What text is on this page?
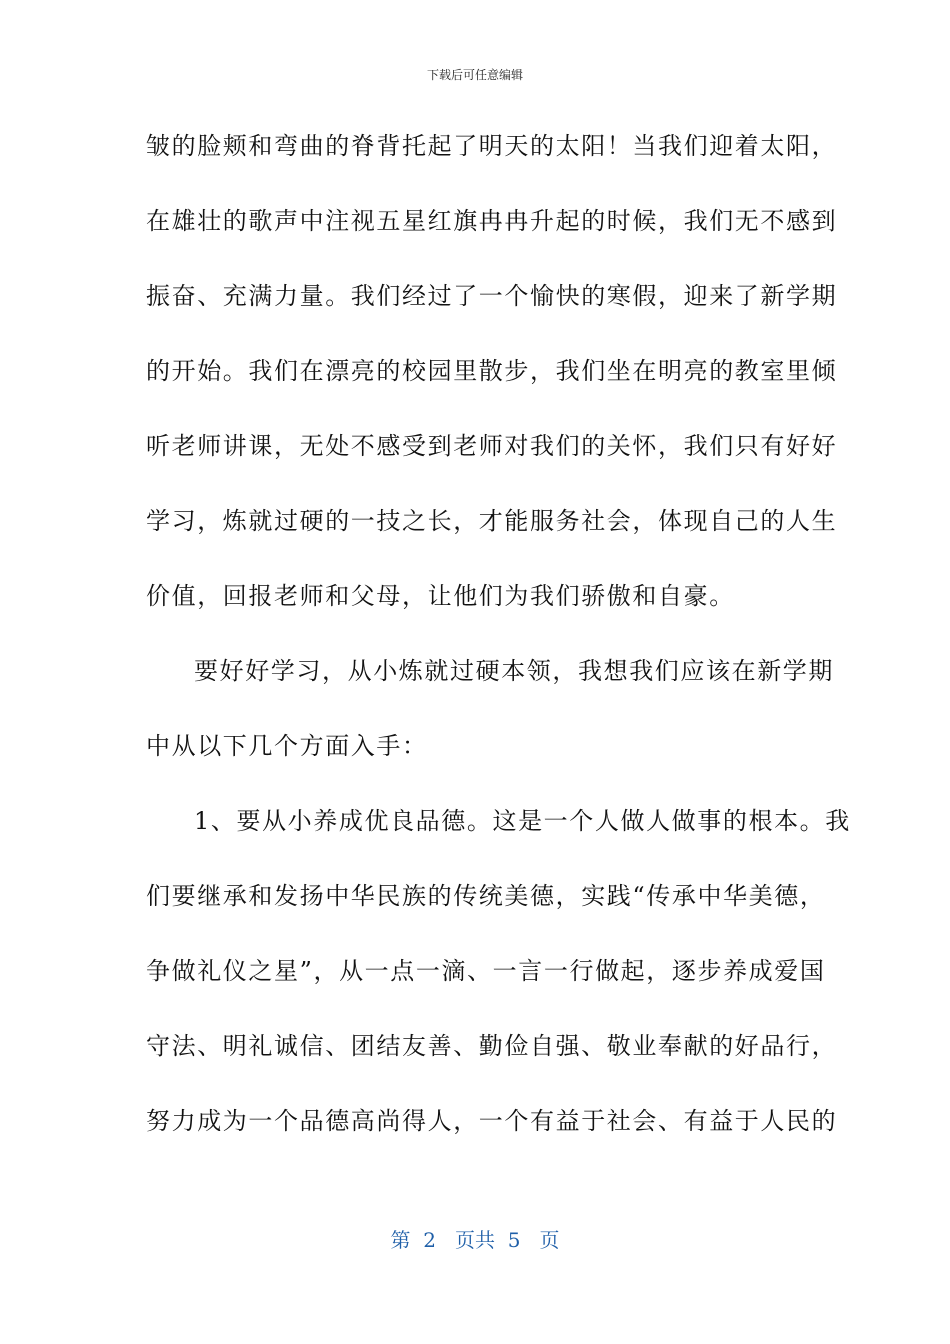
下载后可任意编辑
皱的脸颊和弯曲的脊背托起了明天的太阳！当我们迎着太阳，
在雄壮的歌声中注视五星红旗冉冉升起的时候，我们无不感到
振奋、充满力量。我们经过了一个愉快的寒假，迎来了新学期
的开始。我们在漂亮的校园里散步，我们坐在明亮的教室里倾
听老师讲课，无处不感受到老师对我们的关怀，我们只有好好
学习，炼就过硬的一技之长，才能服务社会，体现自己的人生
价值，回报老师和父母，让他们为我们骄傲和自豪。
要好好学习，从小炼就过硬本领，我想我们应该在新学期
中从以下几个方面入手：
1、要从小养成优良品德。这是一个人做人做事的根本。我
们要继承和发扬中华民族的传统美德，实践“传承中华美德，
争做礼仪之星”，从一点一滴、一言一行做起，逐步养成爱国
守法、明礼诚信、团结友善、勤俭自强、敬业奉献的好品行，
努力成为一个品德高尚得人，一个有益于社会、有益于人民的
第  2   页共  5   页
